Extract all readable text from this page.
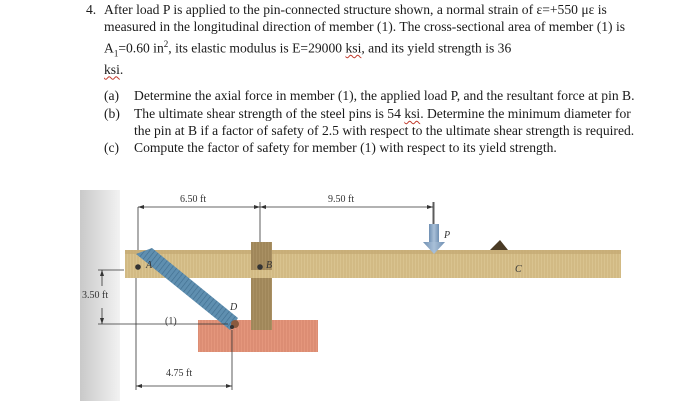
4. After load P is applied to the pin-connected structure shown, a normal strain of ε=+550 με is measured in the longitudinal direction of member (1). The cross-sectional area of member (1) is $A_1=0.60$ $in^2$, its elastic modulus is E=29000 ksi, and its yield strength is 36
ksi.

(a) Determine the axial force in member (1), the applied load P, and the resultant force at pin B.
(b) The ultimate shear strength of the steel pins is 54 ksi. Determine the minimum diameter for the pin at B if a factor of safety of 2.5 with respect to the ultimate shear strength is required.
(c) Compute the factor of safety for member (1) with respect to its yield strength.
6.50 ft	9.50 ft
3.50 ft
4.75 ft
A	B	C
D
(1)
P
